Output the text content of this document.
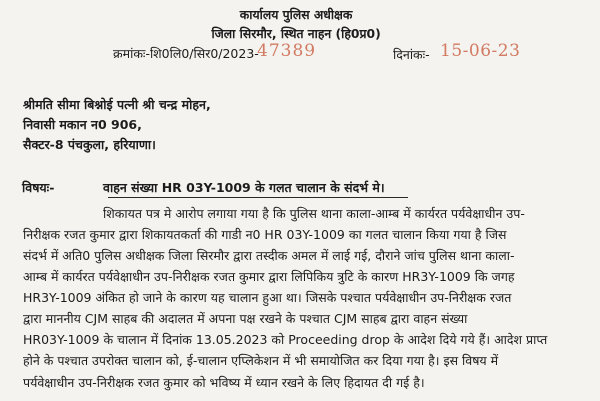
कार्यालय पुलिस अधीक्षक
जिला सिरमौर, स्थित नाहन (हि0प्र0)
क्रमांकः-शि0लि0/सिर0/2023-
47389	दिनांकः- 15-06-23
श्रीमति सीमा बिश्नोई पत्नी श्री चन्द्र मोहन,
निवासी मकान न0 906,
सैक्टर-8 पंचकुला, हरियाणा।
विषयः-	वाहन संख्या HR 03Y-1009 के गलत चालान के संदर्भ मे।
शिकायत पत्र मे आरोप लगाया गया है कि पुलिस थाना काला-आम्ब में कार्यरत पर्यवेक्षाधीन उप-
निरीक्षक रजत कुमार द्वारा शिकायतकर्ता की गाडी न0 HR 03Y-1009 का गलत चालान किया गया है जिस
संदर्भ में अति0 पुलिस अधीक्षक जिला सिरमौर द्वारा तस्दीक अमल में लाई गई, दौराने जांच पुलिस थाना काला-
आम्ब में कार्यरत पर्यवेक्षाधीन उप-निरीक्षक रजत कुमार द्वारा लिपिकिय त्रुटि के कारण HR3Y-1009 कि जगह
HR3Y-1009 अंकित हो जाने के कारण यह चालान हुआ था। जिसके पश्चात पर्यवेक्षाधीन उप-निरीक्षक रजत
द्वारा माननीय CJM साहब की अदालत में अपना पक्ष रखने के पश्चात CJM साहब द्वारा वाहन संख्या
HR03Y-1009 के चालान में दिनांक 13.05.2023 को Proceeding drop के आदेश दिये गये हैं। आदेश प्राप्त
होने के पश्चात उपरोक्त चालान को, ई-चालान एप्लिकेशन में भी समायोजित कर दिया गया है। इस विषय में
पर्यवेक्षाधीन उप-निरीक्षक रजत कुमार को भविष्य में ध्यान रखने के लिए हिदायत दी गई है।
